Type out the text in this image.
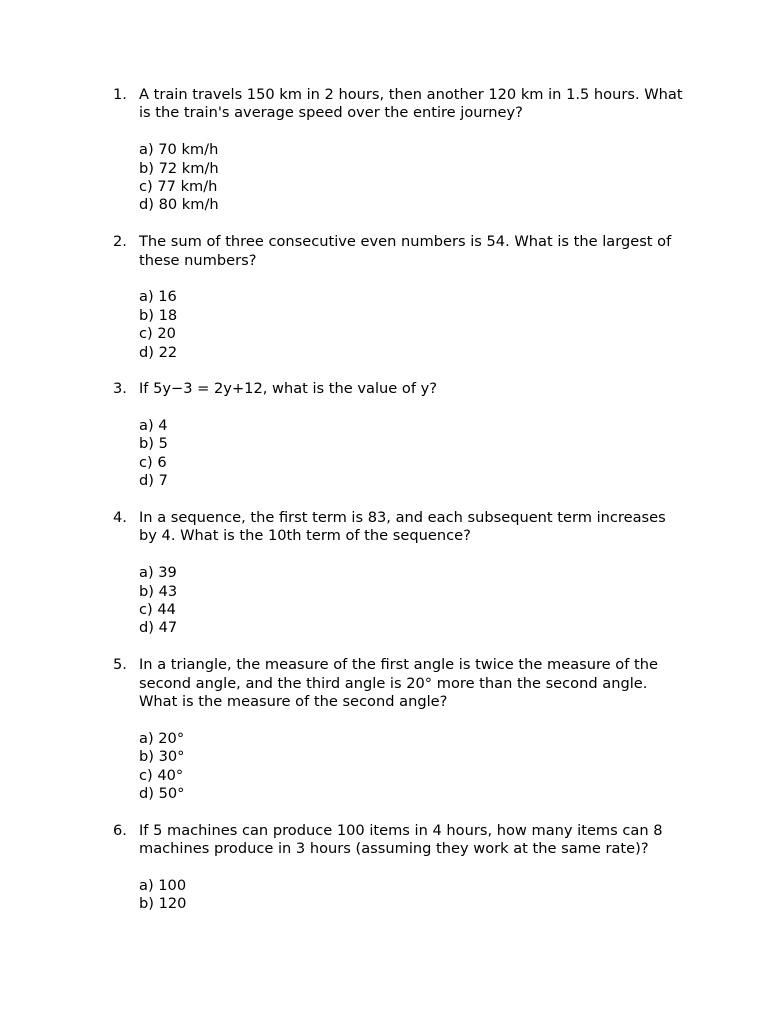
1. A train travels 150 km in 2 hours, then another 120 km in 1.5 hours. What is the train's average speed over the entire journey?
a) 70 km/h
b) 72 km/h
c) 77 km/h
d) 80 km/h
2. The sum of three consecutive even numbers is 54. What is the largest of these numbers?
a) 16
b) 18
c) 20
d) 22
3. If 5y−3 = 2y+12, what is the value of y?
a) 4
b) 5
c) 6
d) 7
4. In a sequence, the first term is 83, and each subsequent term increases by 4. What is the 10th term of the sequence?
a) 39
b) 43
c) 44
d) 47
5. In a triangle, the measure of the first angle is twice the measure of the second angle, and the third angle is 20° more than the second angle. What is the measure of the second angle?
a) 20°
b) 30°
c) 40°
d) 50°
6. If 5 machines can produce 100 items in 4 hours, how many items can 8 machines produce in 3 hours (assuming they work at the same rate)?
a) 100
b) 120
